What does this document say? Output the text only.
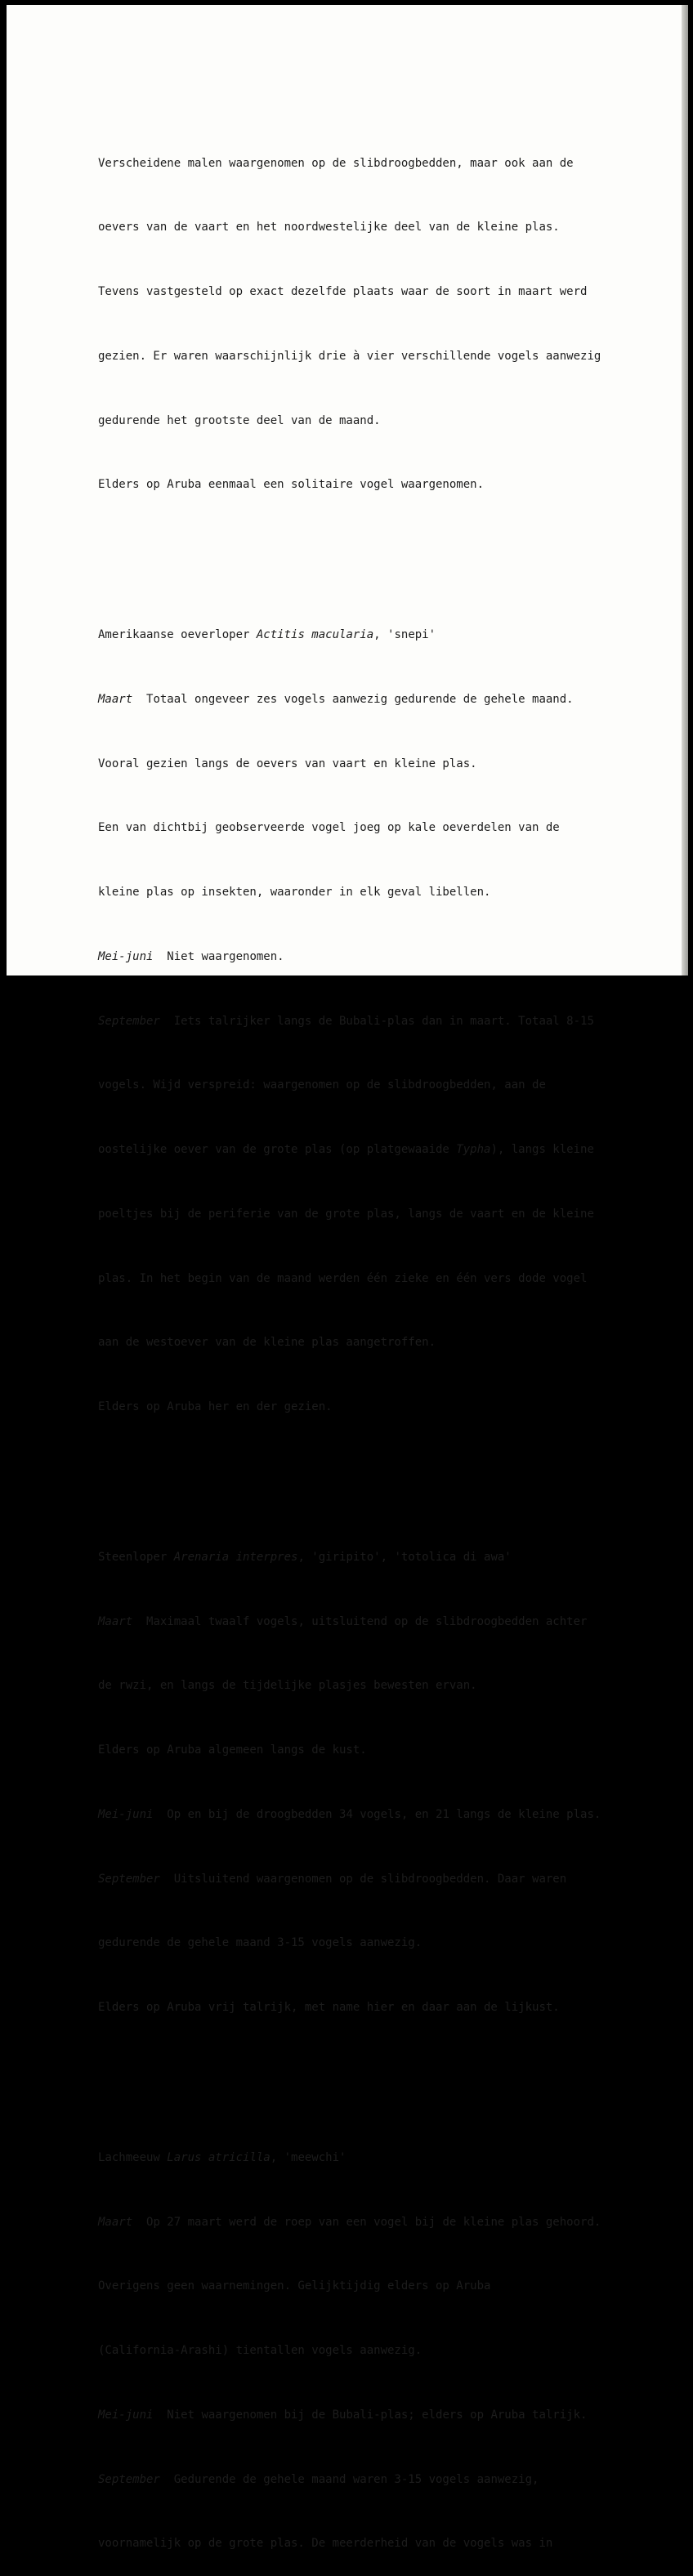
Verscheidene malen waargenomen op de slibdroogbedden, maar ook aan de

oevers van de vaart en het noordwestelijke deel van de kleine plas.

Tevens vastgesteld op exact dezelfde plaats waar de soort in maart werd

gezien. Er waren waarschijnlijk drie à vier verschillende vogels aanwezig

gedurende het grootste deel van de maand.

Elders op Aruba eenmaal een solitaire vogel waargenomen.

Amerikaanse oeverloper Actitis macularia, 'snepi'

Maart  Totaal ongeveer zes vogels aanwezig gedurende de gehele maand.

Vooral gezien langs de oevers van vaart en kleine plas.

Een van dichtbij geobserveerde vogel joeg op kale oeverdelen van de

kleine plas op insekten, waaronder in elk geval libellen.

Mei-juni  Niet waargenomen.

September  Iets talrijker langs de Bubali-plas dan in maart. Totaal 8-15

vogels. Wijd verspreid: waargenomen op de slibdroogbedden, aan de

oostelijke oever van de grote plas (op platgewaaide Typha), langs kleine

poeltjes bij de periferie van de grote plas, langs de vaart en de kleine

plas. In het begin van de maand werden één zieke en één vers dode vogel

aan de westoever van de kleine plas aangetroffen.

Elders op Aruba her en der gezien.

Steenloper Arenaria interpres, 'giripito', 'totolica di awa'

Maart  Maximaal twaalf vogels, uitsluitend op de slibdroogbedden achter

de rwzi, en langs de tijdelijke plasjes bewesten ervan.

Elders op Aruba algemeen langs de kust.

Mei-juni  Op en bij de droogbedden 34 vogels, en 21 langs de kleine plas.

September  Uitsluitend waargenomen op de slibdroogbedden. Daar waren

gedurende de gehele maand 3-15 vogels aanwezig.

Elders op Aruba vrij talrijk, met name hier en daar aan de lijkust.

Lachmeeuw Larus atricilla, 'meewchi'

Maart  Op 27 maart werd de roep van een vogel bij de kleine plas gehoord.

Overigens geen waarnemingen. Gelijktijdig elders op Aruba

(California-Arashi) tientallen vogels aanwezig.

Mei-juni  Niet waargenomen bij de Bubali-plas; elders op Aruba talrijk.

September  Gedurende de gehele maand waren 3-15 vogels aanwezig,

voornamelijk op de grote plas. De meerderheid van de vogels was in
